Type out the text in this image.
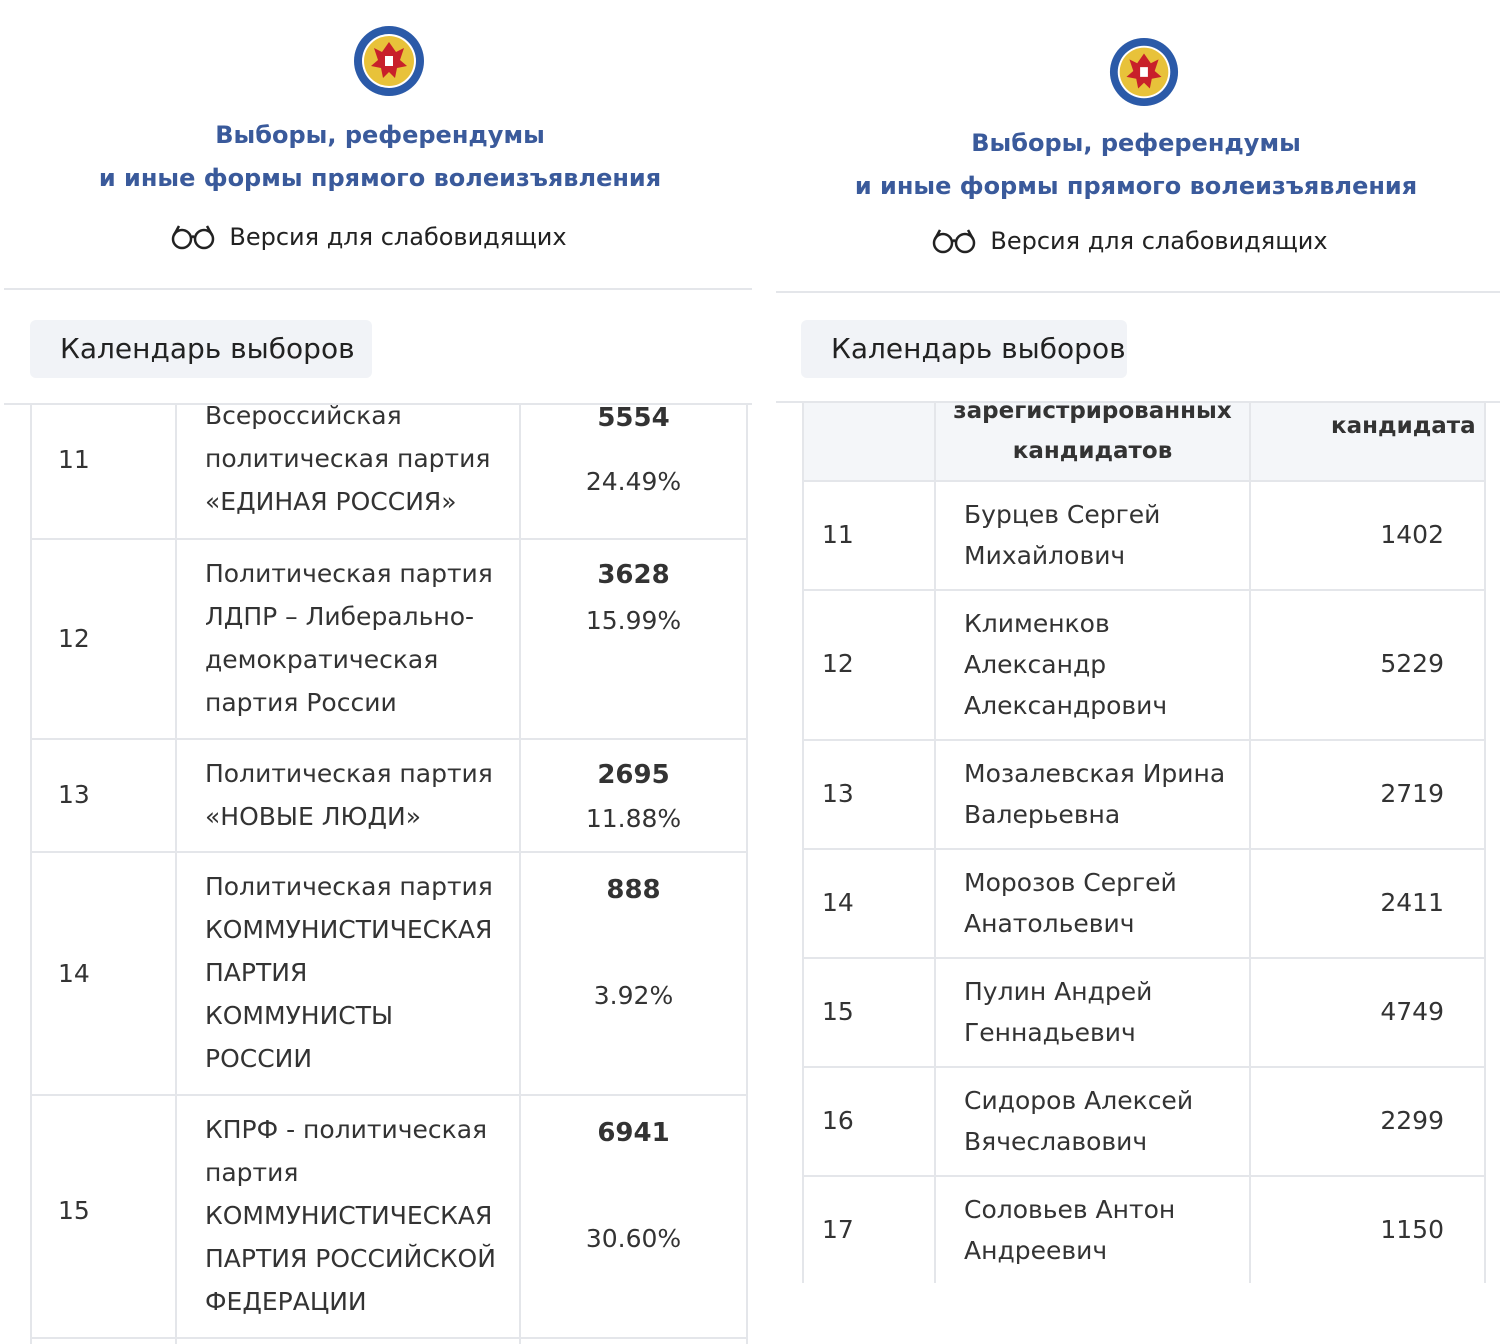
Выборы, референдумы
и иные формы прямого волеизъявления
Версия для слабовидящих
Календарь выборов
11
Всероссийская
политическая партия
«ЕДИНАЯ РОССИЯ»
5554
24.49%
12
Политическая партия
ЛДПР – Либерально-
демократическая
партия России
3628
15.99%
13
Политическая партия
«НОВЫЕ ЛЮДИ»
2695
11.88%
14
Политическая партия
КОММУНИСТИЧЕСКАЯ
ПАРТИЯ
КОММУНИСТЫ
РОССИИ
888
3.92%
15
КПРФ - политическая
партия
КОММУНИСТИЧЕСКАЯ
ПАРТИЯ РОССИЙСКОЙ
ФЕДЕРАЦИИ
6941
30.60%
Выборы, референдумы
и иные формы прямого волеизъявления
Версия для слабовидящих
Календарь выборов
зарегистрированных
кандидатов
кандидата
11
Бурцев Сергей
Михайлович
1402
12
Клименков
Александр
Александрович
5229
13
Мозалевская Ирина
Валерьевна
2719
14
Морозов Сергей
Анатольевич
2411
15
Пулин Андрей
Геннадьевич
4749
16
Сидоров Алексей
Вячеславович
2299
17
Соловьев Антон
Андреевич
1150
